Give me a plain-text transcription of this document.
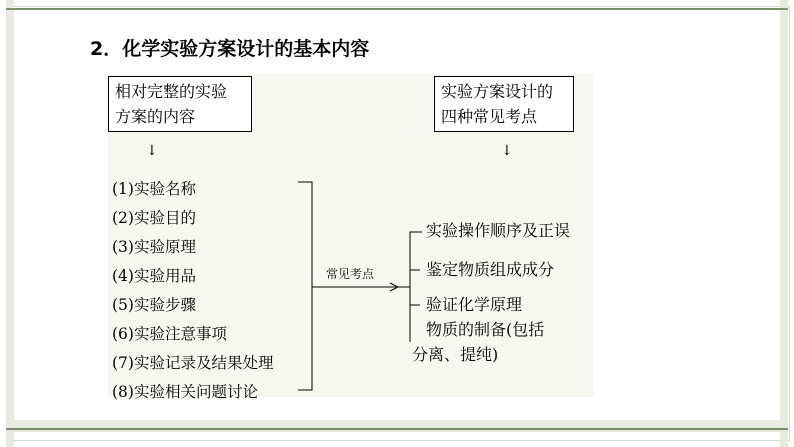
2．化学实验方案设计的基本内容
相对完整的实验
方案的内容
实验方案设计的
四种常见考点
↓	↓
(1)实验名称
(2)实验目的
(3)实验原理
(4)实验用品
(5)实验步骤
(6)实验注意事项
(7)实验记录及结果处理
(8)实验相关问题讨论
常见考点
实验操作顺序及正误
鉴定物质组成成分
验证化学原理
物质的制备(包括
分离、提纯)
